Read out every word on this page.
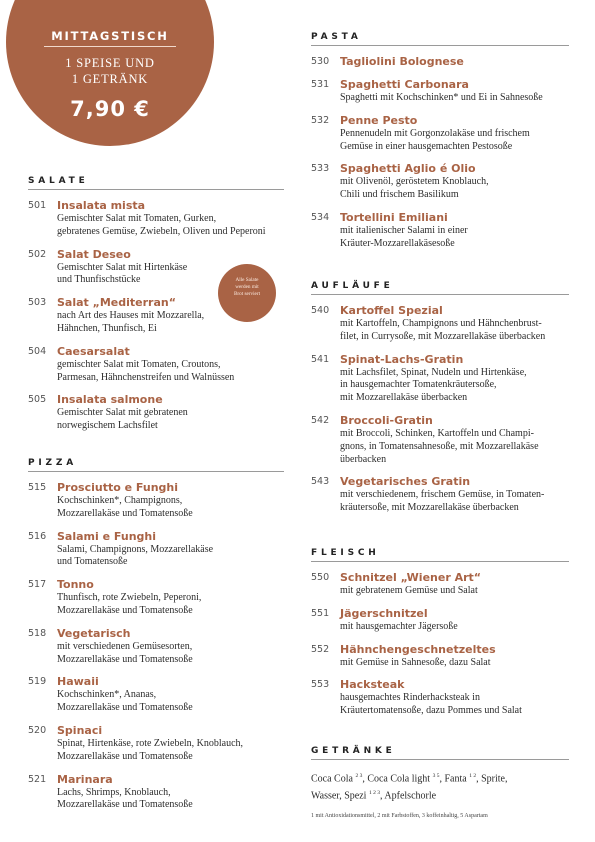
MITTAGSTISCH
1 SPEISE UND
1 GETRÄNK
7,90 €
Alle Salate
werden mit
Brot serviert
SALATE
501 Insalata mista
Gemischter Salat mit Tomaten, Gurken,
gebratenes Gemüse, Zwiebeln, Oliven und Peperoni
502 Salat Deseo
Gemischter Salat mit Hirtenkäse
und Thunfischstücke
503 Salat „Mediterran“
nach Art des Hauses mit Mozzarella,
Hähnchen, Thunfisch, Ei
504 Caesarsalat
gemischter Salat mit Tomaten, Croutons,
Parmesan, Hähnchenstreifen und Walnüssen
505 Insalata salmone
Gemischter Salat mit gebratenen
norwegischem Lachsfilet
PIZZA
515 Prosciutto e Funghi
Kochschinken*, Champignons,
Mozzarellakäse und Tomatensoße
516 Salami e Funghi
Salami, Champignons, Mozzarellakäse
und Tomatensoße
517 Tonno
Thunfisch, rote Zwiebeln, Peperoni,
Mozzarellakäse und Tomatensoße
518 Vegetarisch
mit verschiedenen Gemüsesorten,
Mozzarellakäse und Tomatensoße
519 Hawaii
Kochschinken*, Ananas,
Mozzarellakäse und Tomatensoße
520 Spinaci
Spinat, Hirtenkäse, rote Zwiebeln, Knoblauch,
Mozzarellakäse und Tomatensoße
521 Marinara
Lachs, Shrimps, Knoblauch,
Mozzarellakäse und Tomatensoße
PASTA
530 Tagliolini Bolognese
531 Spaghetti Carbonara
Spaghetti mit Kochschinken* und Ei in Sahnesoße
532 Penne Pesto
Pennenudeln mit Gorgonzolakäse und frischem
Gemüse in einer hausgemachten Pestosoße
533 Spaghetti Aglio é Olio
mit Olivenöl, geröstetem Knoblauch,
Chili und frischem Basilikum
534 Tortellini Emiliani
mit italienischer Salami in einer
Kräuter-Mozzarellakäsesoße
AUFLÄUFE
540 Kartoffel Spezial
mit Kartoffeln, Champignons und Hähnchenbrust-
filet, in Currysoße, mit Mozzarellakäse überbacken
541 Spinat-Lachs-Gratin
mit Lachsfilet, Spinat, Nudeln und Hirtenkäse,
in hausgemachter Tomatenkräutersoße,
mit Mozzarellakäse überbacken
542 Broccoli-Gratin
mit Broccoli, Schinken, Kartoffeln und Champi-
gnons, in Tomatensahnesoße, mit Mozzarellakäse
überbacken
543 Vegetarisches Gratin
mit verschiedenem, frischem Gemüse, in Tomaten-
kräutersoße, mit Mozzarellakäse überbacken
FLEISCH
550 Schnitzel „Wiener Art“
mit gebratenem Gemüse und Salat
551 Jägerschnitzel
mit hausgemachter Jägersoße
552 Hähnchengeschnetzeltes
mit Gemüse in Sahnesoße, dazu Salat
553 Hacksteak
hausgemachtes Rinderhacksteak in
Kräutertomatensoße, dazu Pommes und Salat
GETRÄNKE
Coca Cola $^{2 3}$, Coca Cola light $^{3 5}$, Fanta $^{1 2}$, Sprite,
Wasser, Spezi $^{1 2 3}$, Apfelschorle
1 mit Antioxidationsmittel, 2 mit Farbstoffen, 3 koffeinhaltig, 5 Aspartam
